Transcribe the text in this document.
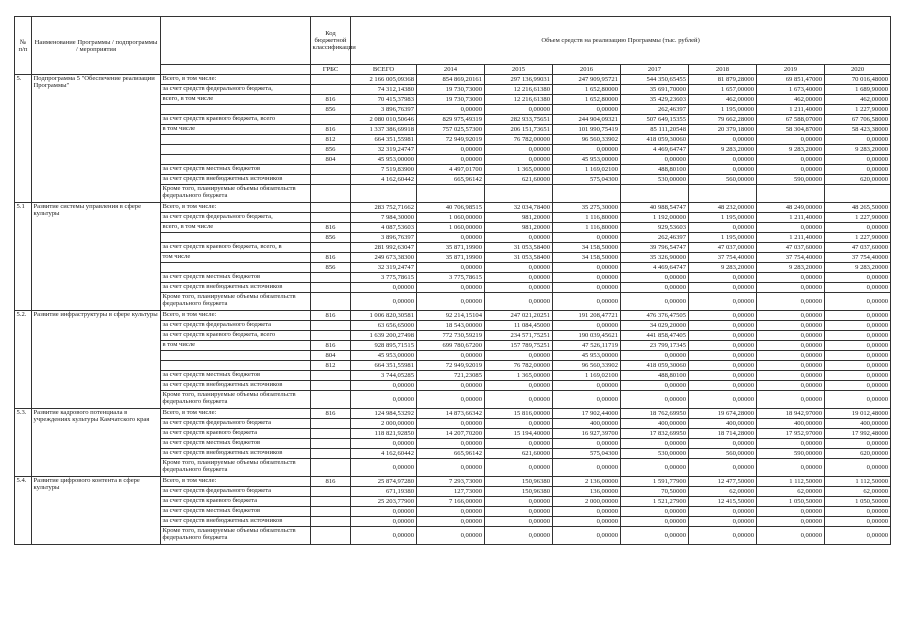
№ п/п	Наименование Программы / подпрограммы / мероприятия		Код бюджетной классификации	Объем средств на реализацию Программы (тыс. рублей)							
			ГРБС	ВСЕГО	2014	2015	2016	2017	2018	2019	2020
5.	Подпрограмма 5 "Обеспечение реализации Программы"	Всего, в том числе:		2 166 005,09368	854 869,20161	297 136,99031	247 909,95721	544 350,65455	81 879,28000	69 851,47000	70 016,48000
		за счет средств федерального бюджета,		74 312,14380	19 730,73000	12 216,61380	1 652,80000	35 691,70000	1 657,00000	1 673,40000	1 689,90000
		всего, в том числе	816	70 415,37983	19 730,73000	12 216,61380	1 652,80000	35 429,23603	462,00000	462,00000	462,00000
			856	3 896,76397	0,00000	0,00000	0,00000	262,46397	1 195,00000	1 211,40000	1 227,90000
		за счет средств краевого бюджета, всего		2 080 010,50646	829 975,49319	282 933,75651	244 904,09321	507 649,15355	79 662,28000	67 588,07000	67 706,58000
		в том числе	816	1 337 386,69918	757 025,57300	206 151,73651	101 990,75419	85 111,20548	20 379,18000	58 304,87000	58 423,38000
			812	664 351,55981	72 949,92019	76 782,00000	96 560,33902	418 059,30060	0,00000	0,00000	0,00000
			856	32 319,24747	0,00000	0,00000	0,00000	4 469,64747	9 283,20000	9 283,20000	9 283,20000
			804	45 953,00000	0,00000	0,00000	45 953,00000	0,00000	0,00000	0,00000	0,00000
		за счет средств местных бюджетов		7 519,83900	4 497,01700	1 365,00000	1 169,02100	488,80100	0,00000	0,00000	0,00000
		за счет средств внебюджетных источников		4 162,60442	665,96142	621,60000	575,04300	530,00000	560,00000	590,00000	620,00000
		Кроме того, планируемые объемы обязательств федерального бюджета									
5.1	Развитие системы управления в сфере культуры	Всего, в том числе:		283 752,71662	40 706,98515	32 034,78400	35 275,30000	40 988,54747	48 232,00000	48 249,00000	48 265,50000
		за счет средств федерального бюджета,		7 984,30000	1 060,00000	981,20000	1 116,80000	1 192,00000	1 195,00000	1 211,40000	1 227,90000
		всего, в том числе	816	4 087,53603	1 060,00000	981,20000	1 116,80000	929,53603	0,00000	0,00000	0,00000
			856	3 896,76397	0,00000	0,00000	0,00000	262,46397	1 195,00000	1 211,40000	1 227,90000
		за счет средств краевого бюджета, всего, в		281 992,63047	35 871,19900	31 053,58400	34 158,50000	39 796,54747	47 037,00000	47 037,60000	47 037,60000
		том числе	816	249 673,38300	35 871,19900	31 053,58400	34 158,50000	35 326,90000	37 754,40000	37 754,40000	37 754,40000
			856	32 319,24747	0,00000	0,00000	0,00000	4 469,64747	9 283,20000	9 283,20000	9 283,20000
		за счет средств местных бюджетов		3 775,78615	3 775,78615	0,00000	0,00000	0,00000	0,00000	0,00000	0,00000
		за счет средств внебюджетных источников		0,00000	0,00000	0,00000	0,00000	0,00000	0,00000	0,00000	0,00000
		Кроме того, планируемые объемы обязательств федерального бюджета		0,00000	0,00000	0,00000	0,00000	0,00000	0,00000	0,00000	0,00000
5.2.	Развитие инфраструктуры в сфере культуры	Всего, в том числе:	816	1 006 820,30581	92 214,15104	247 021,20251	191 208,47721	476 376,47505	0,00000	0,00000	0,00000
		за счет средств федерального бюджета		63 656,65000	18 543,00000	11 084,45000	0,00000	34 029,20000	0,00000	0,00000	0,00000
		за счет средств краевого бюджета, всего		1 639 200,27498	772 730,59219	234 571,75251	190 039,45621	441 858,47405	0,00000	0,00000	0,00000
		в том числе	816	928 895,71515	699 780,67200	157 789,75251	47 526,11719	23 799,17345	0,00000	0,00000	0,00000
			804	45 953,00000	0,00000	0,00000	45 953,00000	0,00000	0,00000	0,00000	0,00000
			812	664 351,55981	72 949,92019	76 782,00000	96 560,33902	418 059,30060	0,00000	0,00000	0,00000
		за счет средств местных бюджетов		3 744,05285	721,23085	1 365,00000	1 169,02100	488,80100	0,00000	0,00000	0,00000
		за счет средств внебюджетных источников		0,00000	0,00000	0,00000	0,00000	0,00000	0,00000	0,00000	0,00000
		Кроме того, планируемые объемы обязательств федерального бюджета		0,00000	0,00000	0,00000	0,00000	0,00000	0,00000	0,00000	0,00000
5.3.	Развитие кадрового потенциала в учреждениях культуры Камчатского края	Всего, в том числе:	816	124 984,53292	14 873,66342	15 816,00000	17 902,44000	18 762,69950	19 674,28000	18 942,97000	19 012,48000
		за счет средств федерального бюджета		2 000,00000	0,00000	0,00000	400,00000	400,00000	400,00000	400,00000	400,00000
		за счет средств краевого бюджета		118 821,92850	14 207,70200	15 194,40000	16 927,39700	17 832,69950	18 714,28000	17 952,97000	17 992,48000
		за счет средств местных бюджетов		0,00000	0,00000	0,00000	0,00000	0,00000	0,00000	0,00000	0,00000
		за счет средств внебюджетных источников		4 162,60442	665,96142	621,60000	575,04300	530,00000	560,00000	590,00000	620,00000
		Кроме того, планируемые объемы обязательств федерального бюджета		0,00000	0,00000	0,00000	0,00000	0,00000	0,00000	0,00000	0,00000
5.4.	Развитие цифрового контента в сфере культуры	Всего, в том числе:	816	25 874,97280	7 293,73000	150,96380	2 136,00000	1 591,77900	12 477,50000	1 112,50000	1 112,50000
		за счет средств федерального бюджета		671,19380	127,73000	150,96380	136,00000	70,50000	62,00000	62,00000	62,00000
		за счет средств краевого бюджета		25 203,77900	7 166,00000	0,00000	2 000,00000	1 521,27900	12 415,50000	1 050,50000	1 050,50000
		за счет средств местных бюджетов		0,00000	0,00000	0,00000	0,00000	0,00000	0,00000	0,00000	0,00000
		за счет средств внебюджетных источников		0,00000	0,00000	0,00000	0,00000	0,00000	0,00000	0,00000	0,00000
		Кроме того, планируемые объемы обязательств федерального бюджета		0,00000	0,00000	0,00000	0,00000	0,00000	0,00000	0,00000	0,00000
